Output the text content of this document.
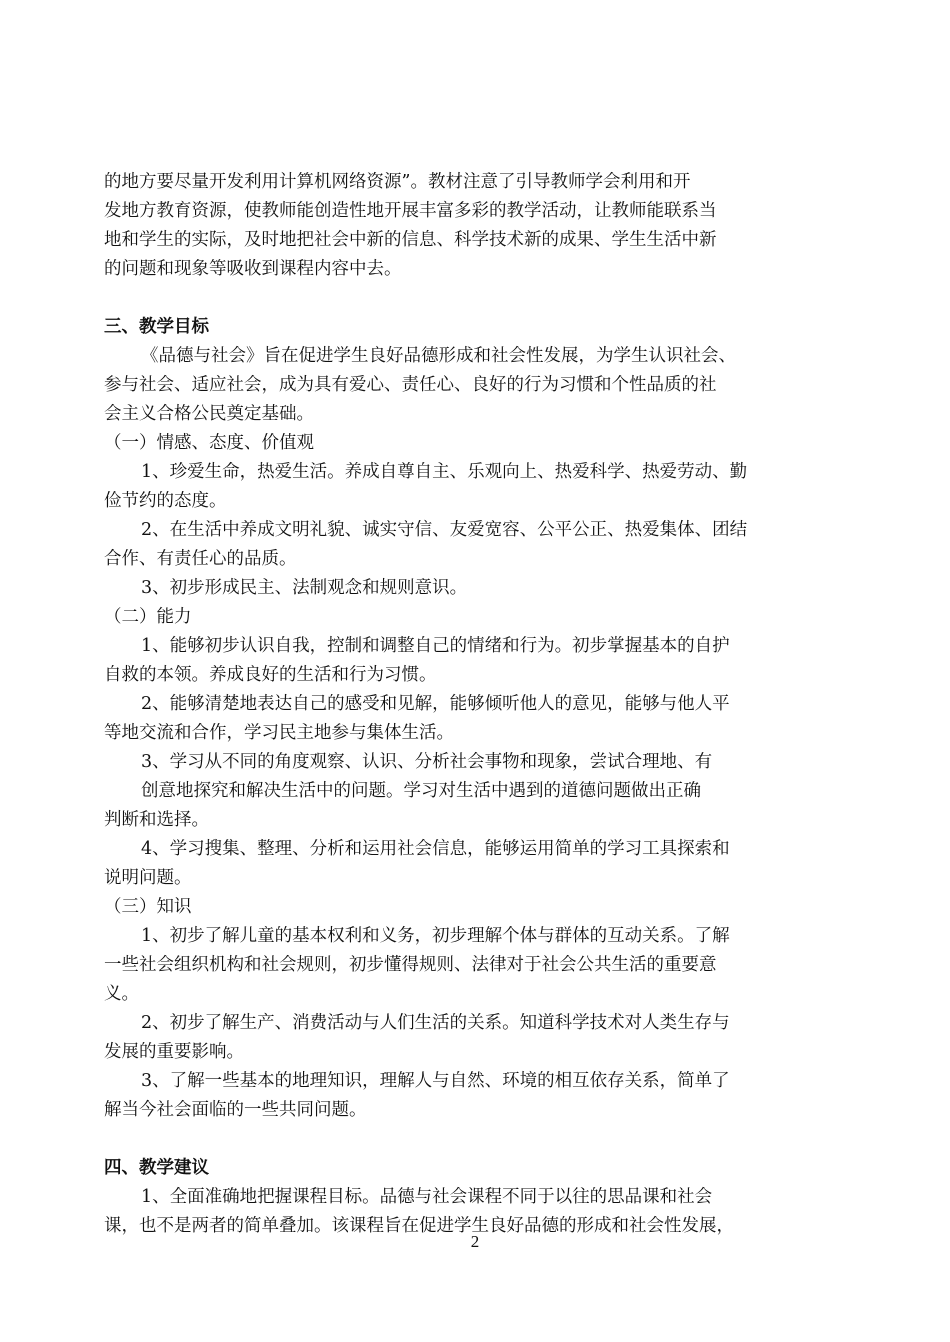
的地方要尽量开发利用计算机网络资源”。教材注意了引导教师学会利用和开
发地方教育资源，使教师能创造性地开展丰富多彩的教学活动，让教师能联系当
地和学生的实际，及时地把社会中新的信息、科学技术新的成果、学生生活中新
的问题和现象等吸收到课程内容中去。
三、教学目标
《品德与社会》旨在促进学生良好品德形成和社会性发展，为学生认识社会、
参与社会、适应社会，成为具有爱心、责任心、良好的行为习惯和个性品质的社
会主义合格公民奠定基础。
（一）情感、态度、价值观
1、珍爱生命，热爱生活。养成自尊自主、乐观向上、热爱科学、热爱劳动、勤
俭节约的态度。
2、在生活中养成文明礼貌、诚实守信、友爱宽容、公平公正、热爱集体、团结
合作、有责任心的品质。
3、初步形成民主、法制观念和规则意识。
（二）能力
1、能够初步认识自我，控制和调整自己的情绪和行为。初步掌握基本的自护
自救的本领。养成良好的生活和行为习惯。
2、能够清楚地表达自己的感受和见解，能够倾听他人的意见，能够与他人平
等地交流和合作，学习民主地参与集体生活。
3、学习从不同的角度观察、认识、分析社会事物和现象，尝试合理地、有
创意地探究和解决生活中的问题。学习对生活中遇到的道德问题做出正确
判断和选择。
4、学习搜集、整理、分析和运用社会信息，能够运用简单的学习工具探索和
说明问题。
（三）知识
1、初步了解儿童的基本权利和义务，初步理解个体与群体的互动关系。了解
一些社会组织机构和社会规则，初步懂得规则、法律对于社会公共生活的重要意
义。
2、初步了解生产、消费活动与人们生活的关系。知道科学技术对人类生存与
发展的重要影响。
3、了解一些基本的地理知识，理解人与自然、环境的相互依存关系，简单了
解当今社会面临的一些共同问题。
四、教学建议
1、全面准确地把握课程目标。品德与社会课程不同于以往的思品课和社会
课，也不是两者的简单叠加。该课程旨在促进学生良好品德的形成和社会性发展，
2
